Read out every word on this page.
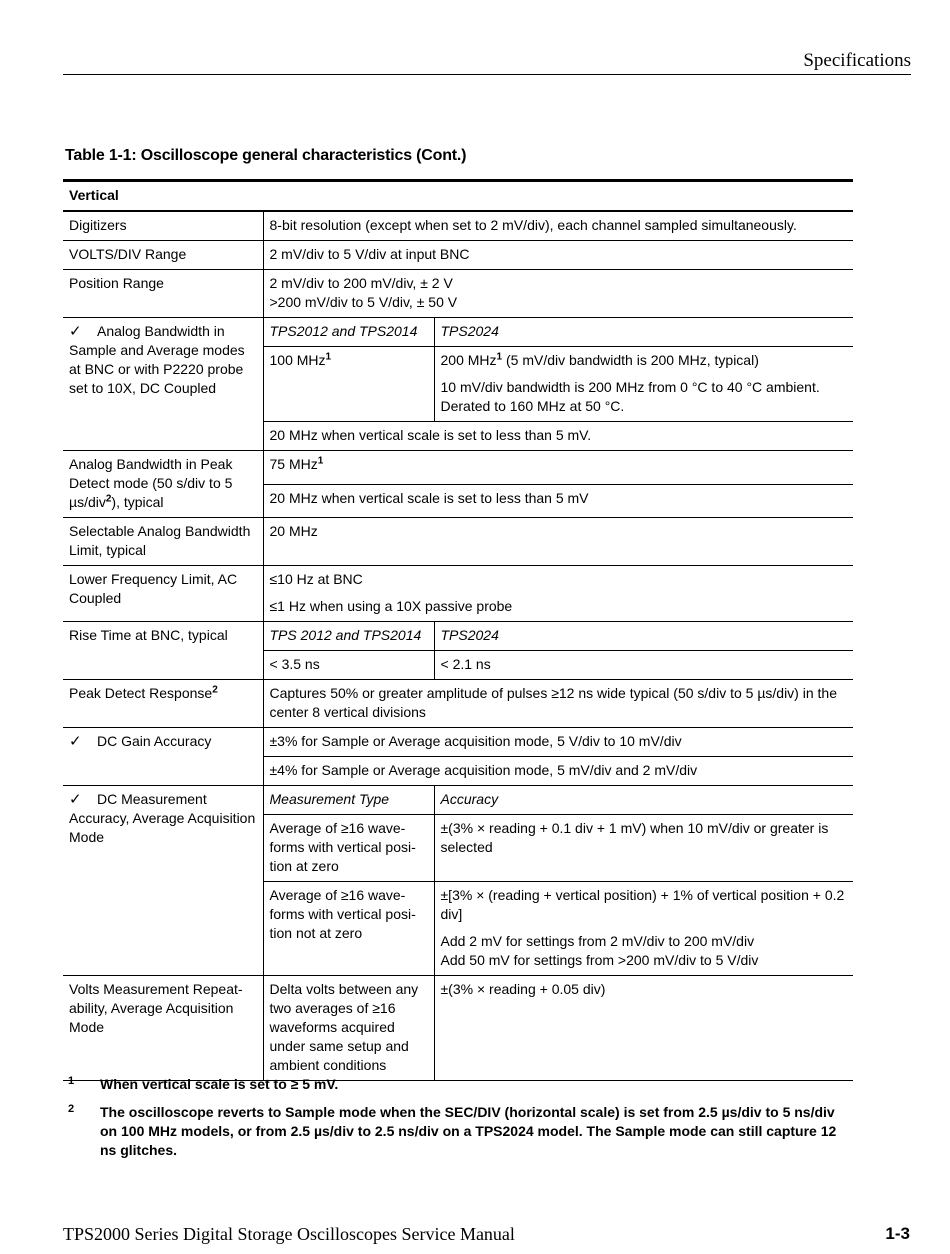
Specifications
Table 1-1: Oscilloscope general characteristics (Cont.)
Vertical		
Digitizers	8-bit resolution (except when set to 2 mV/div), each channel sampled simultaneously.	
VOLTS/DIV Range	2 mV/div to 5 V/div at input BNC	
Position Range	2 mV/div to 200 mV/div, ± 2 V
>200 mV/div to 5 V/div, ± 50 V	

✓ Analog Bandwidth in Sample and Average modes at BNC or with P2220 probe set to 10X, DC Coupled	TPS2012 and TPS2014	TPS2024
	100 MHz$^1$	200 MHz$^1$ (5 mV/div bandwidth is 200 MHz, typical)

10 mV/div bandwidth is 200 MHz from 0 °C to 40 °C ambient. Derated to 160 MHz at 50 °C.

	20 MHz when vertical scale is set to less than 5 mV.	
Analog Bandwidth in Peak Detect mode (50 s/div to 5 µs/div$^2$), typical	75 MHz$^1$
	20 MHz when vertical scale is set to less than 5 mV	
Selectable Analog Bandwidth Limit, typical	20 MHz	
Lower Frequency Limit, AC Coupled	≤10 Hz at BNC

≤1 Hz when using a 10X passive probe	

Rise Time at BNC, typical	TPS 2012 and TPS2014	TPS2024
	< 3.5 ns	< 2.1 ns
Peak Detect Response$^2$	Captures 50% or greater amplitude of pulses ≥12 ns wide typical (50 s/div to 5 µs/div) in the center 8 vertical divisions	
✓ DC Gain Accuracy	±3% for Sample or Average acquisition mode, 5 V/div to 10 mV/div	
	±4% for Sample or Average acquisition mode, 5 mV/div and 2 mV/div	
✓ DC Measurement Accuracy, Average Acquisition Mode	Measurement Type	Accuracy
	Average of ≥16 wave-forms with vertical posi-tion at zero	±(3% × reading + 0.1 div + 1 mV) when 10 mV/div or greater is selected
	Average of ≥16 wave-forms with vertical posi-tion not at zero	±[3% × (reading + vertical position) + 1% of vertical position + 0.2 div]

Add 2 mV for settings from 2 mV/div to 200 mV/div
Add 50 mV for settings from >200 mV/div to 5 V/div

Volts Measurement Repeat-ability, Average Acquisition Mode	Delta volts between any two averages of ≥16 waveforms acquired under same setup and ambient conditions	±(3% × reading + 0.05 div)
1 When vertical scale is set to ≥ 5 mV.
2 The oscilloscope reverts to Sample mode when the SEC/DIV (horizontal scale) is set from 2.5 µs/div to 5 ns/div on 100 MHz models, or from 2.5 µs/div to 2.5 ns/div on a TPS2024 model. The Sample mode can still capture 12 ns glitches.
TPS2000 Series Digital Storage Oscilloscopes Service Manual	1-3
